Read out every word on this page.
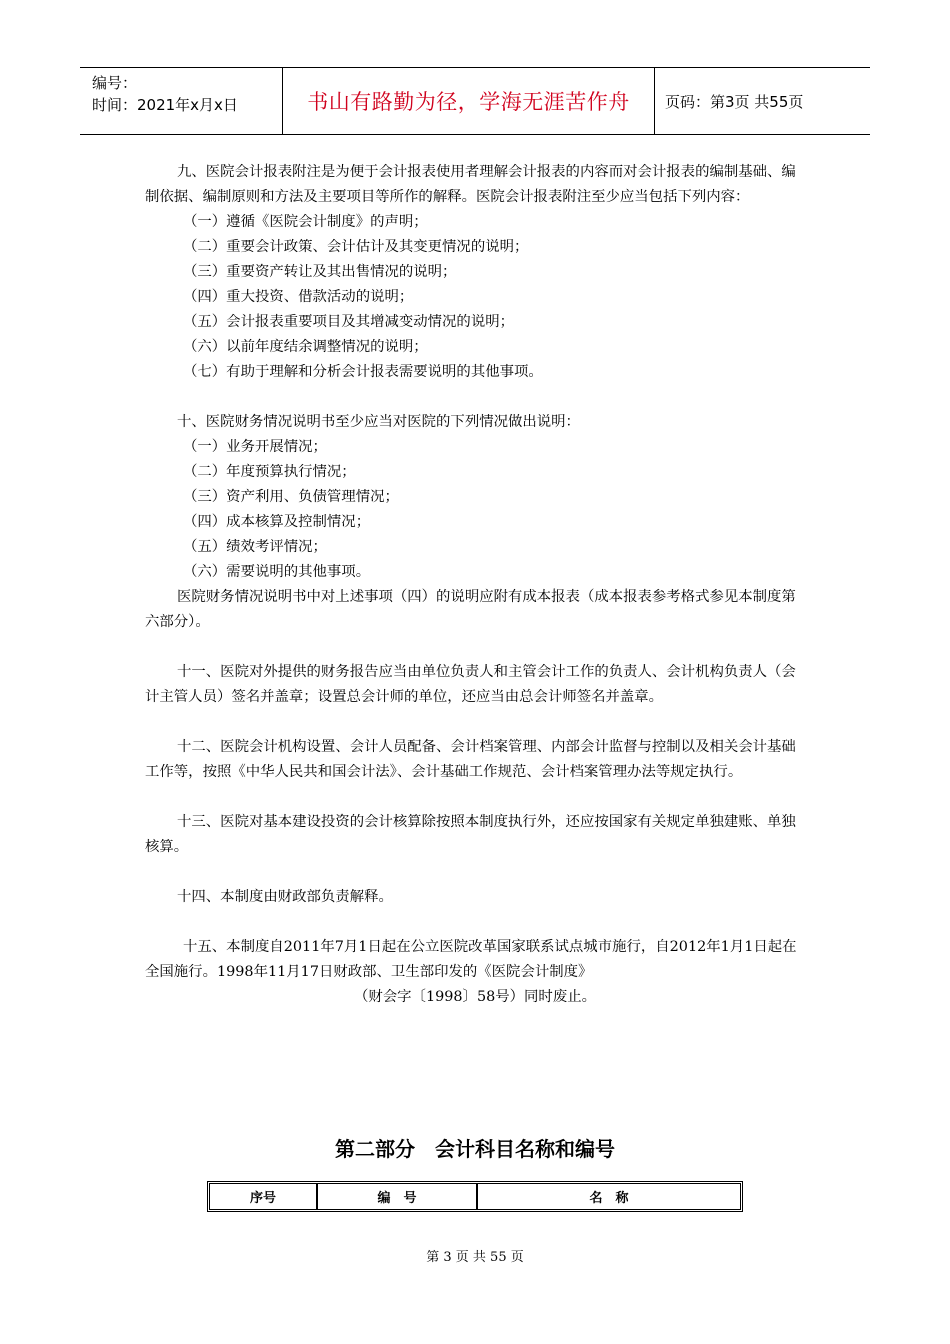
编号：
时间：2021年x月x日	书山有路勤为径，学海无涯苦作舟	页码：第3页 共55页

九、医院会计报表附注是为便于会计报表使用者理解会计报表的内容而对会计报表的编制基础、编制依据、编制原则和方法及主要项目等所作的解释。医院会计报表附注至少应当包括下列内容：

（一）遵循《医院会计制度》的声明；

（二）重要会计政策、会计估计及其变更情况的说明；

（三）重要资产转让及其出售情况的说明；

（四）重大投资、借款活动的说明；

（五）会计报表重要项目及其增减变动情况的说明；

（六）以前年度结余调整情况的说明；

（七）有助于理解和分析会计报表需要说明的其他事项。

十、医院财务情况说明书至少应当对医院的下列情况做出说明：

（一）业务开展情况；

（二）年度预算执行情况；

（三）资产利用、负债管理情况；

（四）成本核算及控制情况；

（五）绩效考评情况；

（六）需要说明的其他事项。

医院财务情况说明书中对上述事项（四）的说明应附有成本报表（成本报表参考格式参见本制度第六部分）。

十一、医院对外提供的财务报告应当由单位负责人和主管会计工作的负责人、会计机构负责人（会计主管人员）签名并盖章；设置总会计师的单位，还应当由总会计师签名并盖章。

十二、医院会计机构设置、会计人员配备、会计档案管理、内部会计监督与控制以及相关会计基础工作等，按照《中华人民共和国会计法》、会计基础工作规范、会计档案管理办法等规定执行。

十三、医院对基本建设投资的会计核算除按照本制度执行外，还应按国家有关规定单独建账、单独核算。

十四、本制度由财政部负责解释。

十五、本制度自2011年7月1日起在公立医院改革国家联系试点城市施行，自2012年1月1日起在全国施行。1998年11月17日财政部、卫生部印发的《医院会计制度》

（财会字〔1998〕58号）同时废止。

第二部分　会计科目名称和编号
序号	编　号	名　称
第 3 页 共 55 页
